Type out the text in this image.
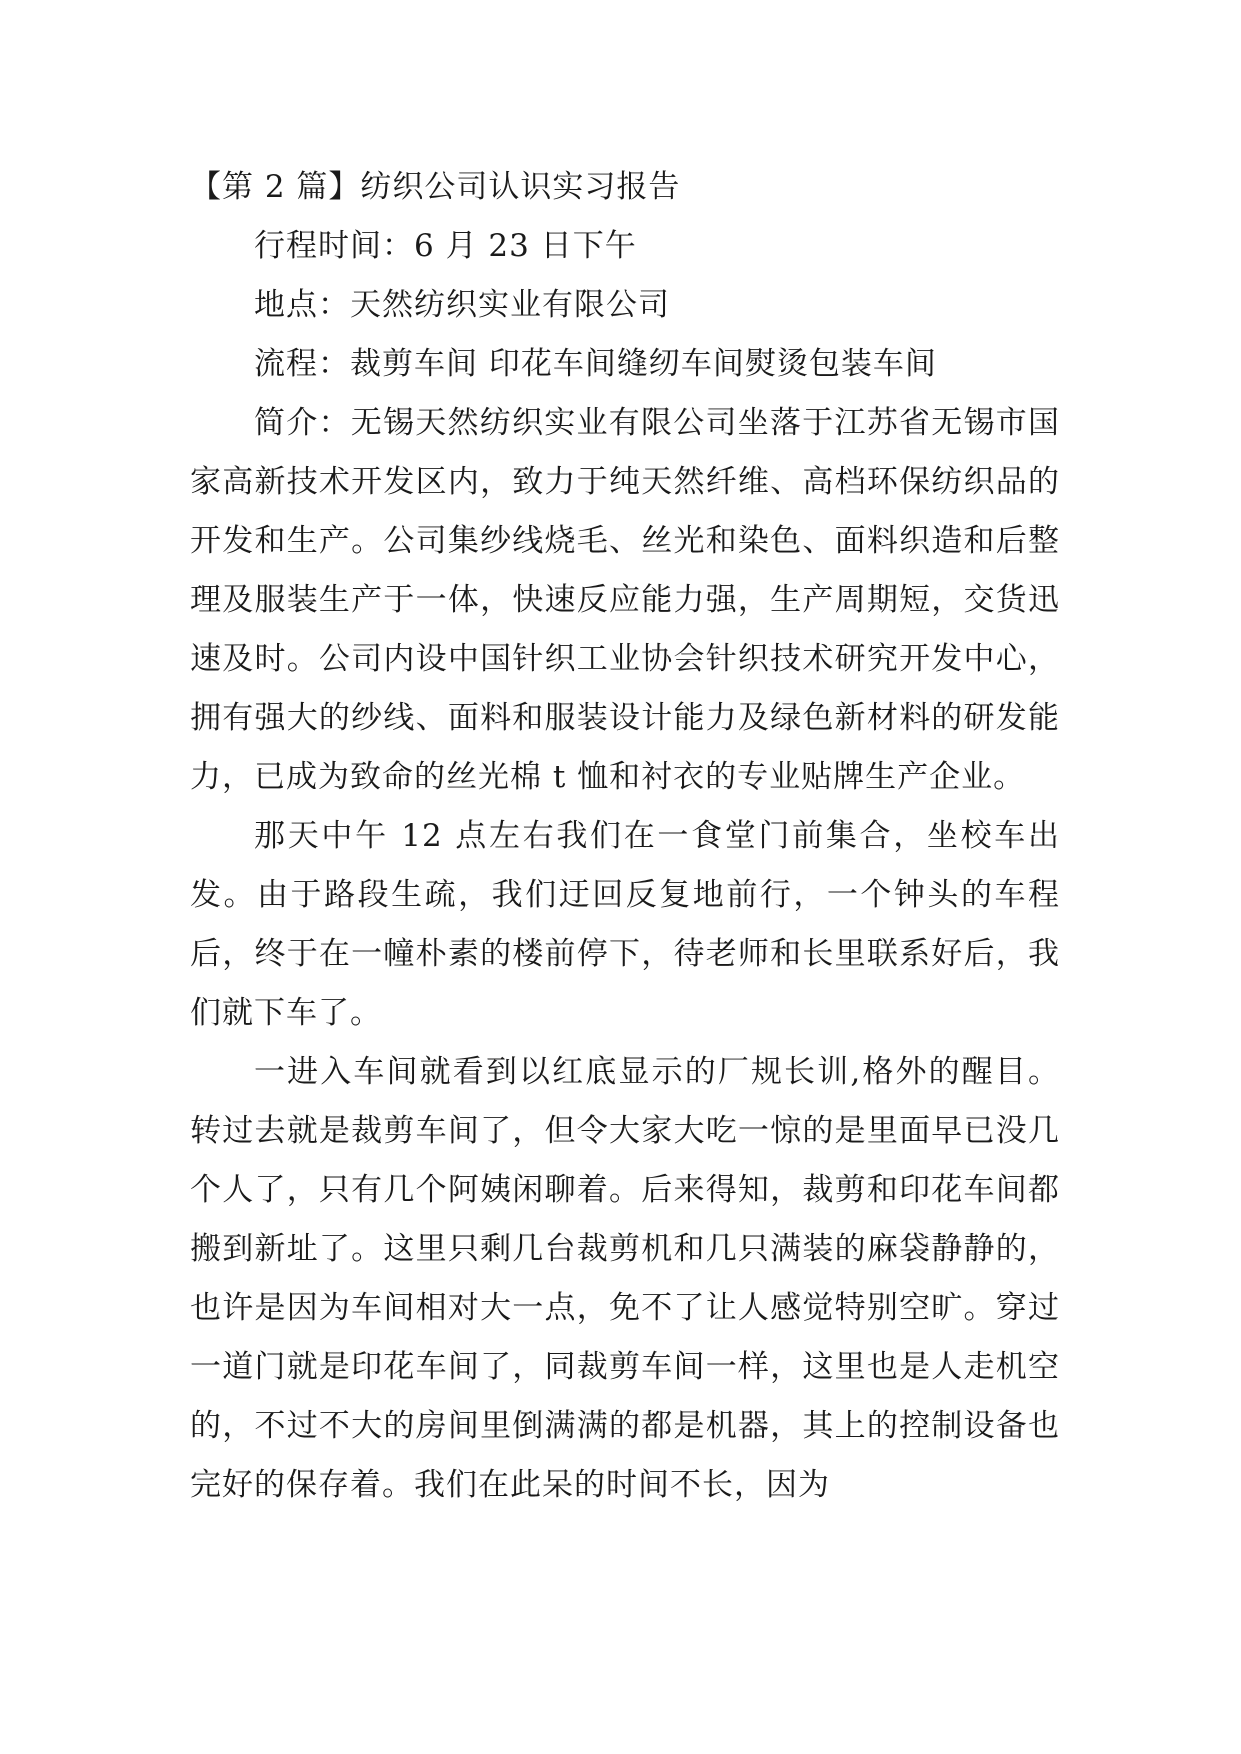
【第 2 篇】纺织公司认识实习报告

行程时间：6 月 23 日下午

地点：天然纺织实业有限公司

流程：裁剪车间 印花车间缝纫车间熨烫包装车间

简介：无锡天然纺织实业有限公司坐落于江苏省无锡市国家高新技术开发区内，致力于纯天然纤维、高档环保纺织品的开发和生产。公司集纱线烧毛、丝光和染色、面料织造和后整理及服装生产于一体，快速反应能力强，生产周期短，交货迅速及时。公司内设中国针织工业协会针织技术研究开发中心，拥有强大的纱线、面料和服装设计能力及绿色新材料的研发能力，已成为致命的丝光棉 t 恤和衬衣的专业贴牌生产企业。

那天中午 12 点左右我们在一食堂门前集合，坐校车出发。由于路段生疏，我们迂回反复地前行，一个钟头的车程后，终于在一幢朴素的楼前停下，待老师和长里联系好后，我们就下车了。

一进入车间就看到以红底显示的厂规长训,格外的醒目。转过去就是裁剪车间了，但令大家大吃一惊的是里面早已没几个人了，只有几个阿姨闲聊着。后来得知，裁剪和印花车间都搬到新址了。这里只剩几台裁剪机和几只满装的麻袋静静的，也许是因为车间相对大一点，免不了让人感觉特别空旷。穿过一道门就是印花车间了，同裁剪车间一样，这里也是人走机空的，不过不大的房间里倒满满的都是机器，其上的控制设备也完好的保存着。我们在此呆的时间不长，因为
